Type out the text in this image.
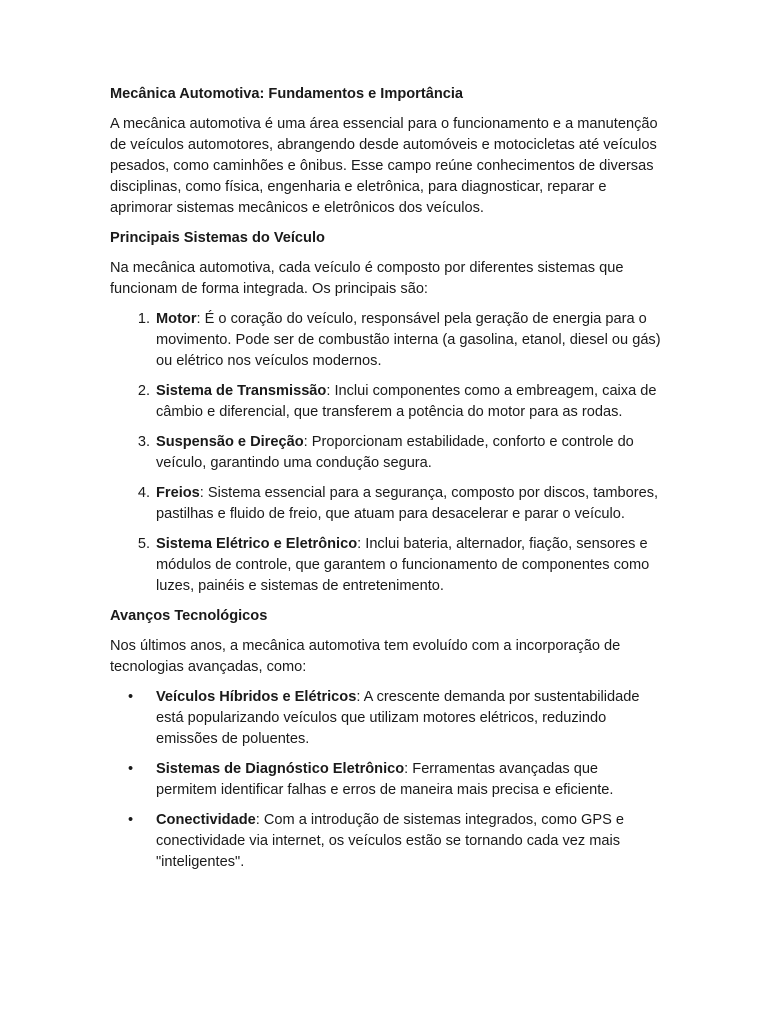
Mecânica Automotiva: Fundamentos e Importância

A mecânica automotiva é uma área essencial para o funcionamento e a manutenção de veículos automotores, abrangendo desde automóveis e motocicletas até veículos pesados, como caminhões e ônibus. Esse campo reúne conhecimentos de diversas disciplinas, como física, engenharia e eletrônica, para diagnosticar, reparar e aprimorar sistemas mecânicos e eletrônicos dos veículos.

Principais Sistemas do Veículo

Na mecânica automotiva, cada veículo é composto por diferentes sistemas que funcionam de forma integrada. Os principais são:

1. Motor: É o coração do veículo, responsável pela geração de energia para o movimento. Pode ser de combustão interna (a gasolina, etanol, diesel ou gás) ou elétrico nos veículos modernos.
2. Sistema de Transmissão: Inclui componentes como a embreagem, caixa de câmbio e diferencial, que transferem a potência do motor para as rodas.
3. Suspensão e Direção: Proporcionam estabilidade, conforto e controle do veículo, garantindo uma condução segura.
4. Freios: Sistema essencial para a segurança, composto por discos, tambores, pastilhas e fluido de freio, que atuam para desacelerar e parar o veículo.
5. Sistema Elétrico e Eletrônico: Inclui bateria, alternador, fiação, sensores e módulos de controle, que garantem o funcionamento de componentes como luzes, painéis e sistemas de entretenimento.
Avanços Tecnológicos

Nos últimos anos, a mecânica automotiva tem evoluído com a incorporação de tecnologias avançadas, como:

•	Veículos Híbridos e Elétricos: A crescente demanda por sustentabilidade está popularizando veículos que utilizam motores elétricos, reduzindo emissões de poluentes.
•	Sistemas de Diagnóstico Eletrônico: Ferramentas avançadas que permitem identificar falhas e erros de maneira mais precisa e eficiente.
•	Conectividade: Com a introdução de sistemas integrados, como GPS e conectividade via internet, os veículos estão se tornando cada vez mais "inteligentes".
